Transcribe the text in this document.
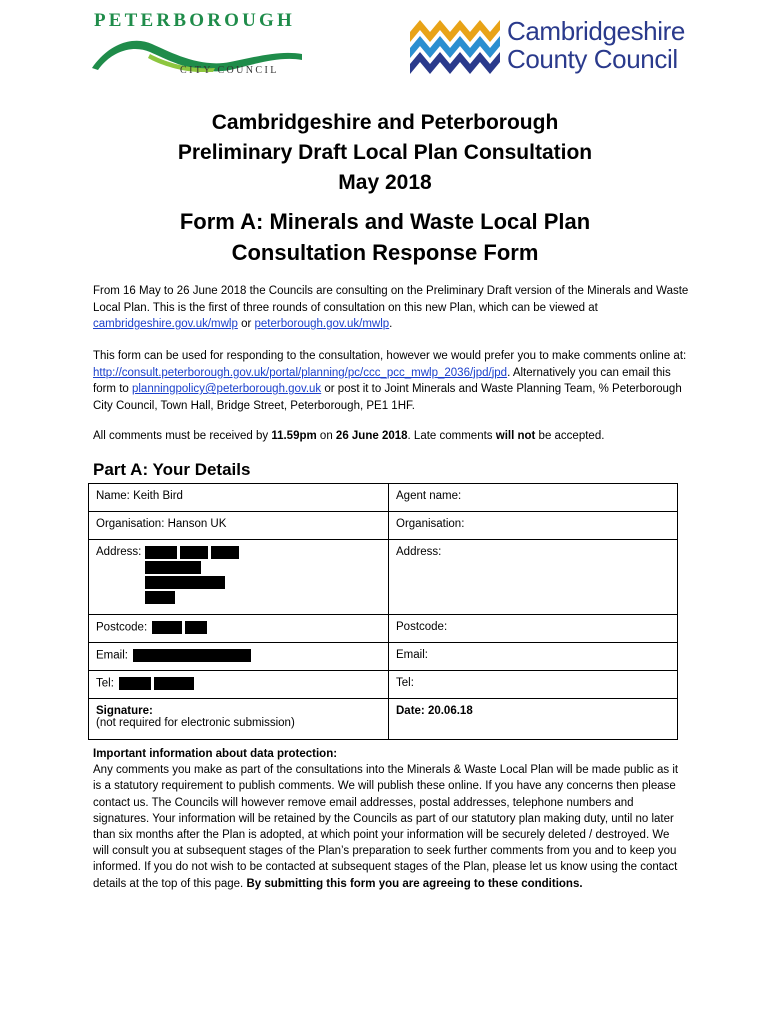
PETERBOROUGH
CITY COUNCIL
Cambridgeshire
County Council
Cambridgeshire and Peterborough
Preliminary Draft Local Plan Consultation
May 2018
Form A: Minerals and Waste Local Plan
Consultation Response Form
From 16 May to 26 June 2018 the Councils are consulting on the Preliminary Draft version of the Minerals and Waste Local Plan. This is the first of three rounds of consultation on this new Plan, which can be viewed at cambridgeshire.gov.uk/mwlp or peterborough.gov.uk/mwlp.
This form can be used for responding to the consultation, however we would prefer you to make comments online at: http://consult.peterborough.gov.uk/portal/planning/pc/ccc_pcc_mwlp_2036/jpd/jpd. Alternatively you can email this form to planningpolicy@peterborough.gov.uk or post it to Joint Minerals and Waste Planning Team, % Peterborough City Council, Town Hall, Bridge Street, Peterborough, PE1 1HF.
All comments must be received by 11.59pm on 26 June 2018. Late comments will not be accepted.
Part A: Your Details
Name: Keith Bird	Agent name:
Organisation: Hanson UK	Organisation:
Address:	Address:
Postcode:	Postcode:
Email:	Email:
Tel:	Tel:

Signature:
(not required for electronic submission)	Date: 20.06.18
Important information about data protection:
Any comments you make as part of the consultations into the Minerals & Waste Local Plan will be made public as it is a statutory requirement to publish comments. We will publish these online. If you have any concerns then please contact us. The Councils will however remove email addresses, postal addresses, telephone numbers and signatures. Your information will be retained by the Councils as part of our statutory plan making duty, until no later than six months after the Plan is adopted, at which point your information will be securely deleted / destroyed. We will consult you at subsequent stages of the Plan’s preparation to seek further comments from you and to keep you informed. If you do not wish to be contacted at subsequent stages of the Plan, please let us know using the contact details at the top of this page. By submitting this form you are agreeing to these conditions.
